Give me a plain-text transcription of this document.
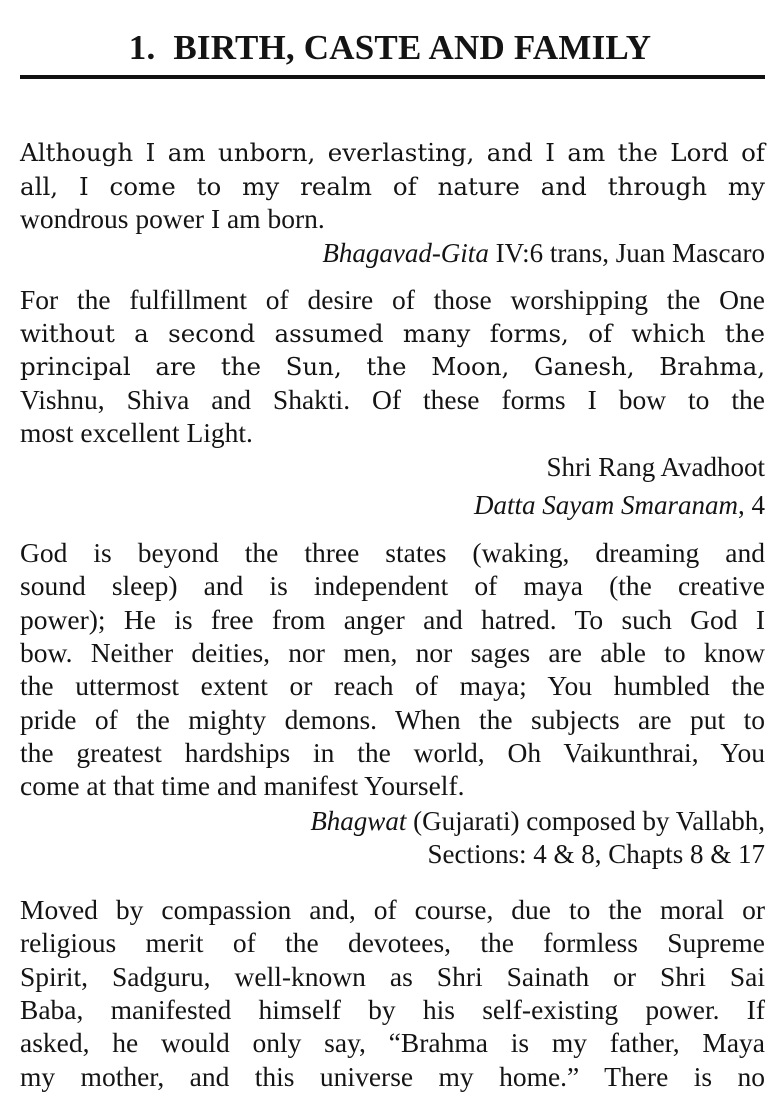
1. BIRTH, CASTE AND FAMILY
Although I am unborn, everlasting, and I am the Lord of
all, I come to my realm of nature and through my
wondrous power I am born.
Bhagavad-Gita IV:6 trans, Juan Mascaro
For the fulfillment of desire of those worshipping the One
without a second assumed many forms, of which the
principal are the Sun, the Moon, Ganesh, Brahma,
Vishnu, Shiva and Shakti. Of these forms I bow to the
most excellent Light.
Shri Rang Avadhoot
Datta Sayam Smaranam, 4
God is beyond the three states (waking, dreaming and
sound sleep) and is independent of maya (the creative
power); He is free from anger and hatred. To such God I
bow. Neither deities, nor men, nor sages are able to know
the uttermost extent or reach of maya; You humbled the
pride of the mighty demons. When the subjects are put to
the greatest hardships in the world, Oh Vaikunthrai, You
come at that time and manifest Yourself.
Bhagwat (Gujarati) composed by Vallabh,
Sections: 4 & 8, Chapts 8 & 17
Moved by compassion and, of course, due to the moral or
religious merit of the devotees, the formless Supreme
Spirit, Sadguru, well-known as Shri Sainath or Shri Sai
Baba, manifested himself by his self-existing power. If
asked, he would only say, “Brahma is my father, Maya
my mother, and this universe my home.” There is no
